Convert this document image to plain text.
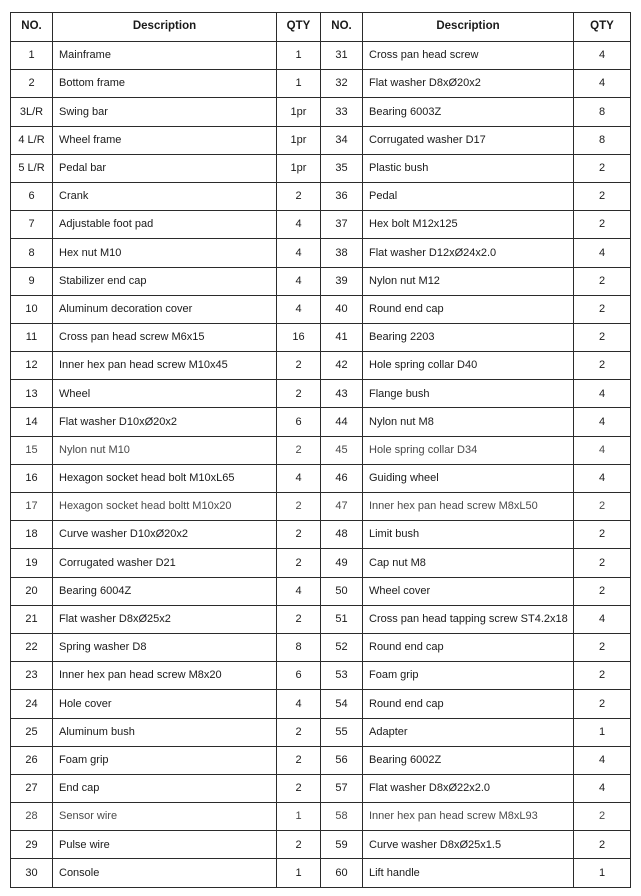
NO.	Description	QTY	NO.	Description	QTY
1	Mainframe	1	31	Cross pan head screw	4
2	Bottom frame	1	32	Flat washer D8xØ20x2	4
3L/R	Swing bar	1pr	33	Bearing 6003Z	8
4 L/R	Wheel frame	1pr	34	Corrugated washer D17	8
5 L/R	Pedal bar	1pr	35	Plastic bush	2
6	Crank	2	36	Pedal	2
7	Adjustable foot pad	4	37	Hex bolt M12x125	2
8	Hex nut M10	4	38	Flat washer D12xØ24x2.0	4
9	Stabilizer end cap	4	39	Nylon nut M12	2
10	Aluminum decoration cover	4	40	Round end cap	2
11	Cross pan head screw M6x15	16	41	Bearing 2203	2
12	Inner hex pan head screw M10x45	2	42	Hole spring collar D40	2
13	Wheel	2	43	Flange bush	4
14	Flat washer D10xØ20x2	6	44	Nylon nut M8	4
15	Nylon nut M10	2	45	Hole spring collar D34	4
16	Hexagon socket head bolt M10xL65	4	46	Guiding wheel	4
17	Hexagon socket head boltt M10x20	2	47	Inner hex pan head screw M8xL50	2
18	Curve washer D10xØ20x2	2	48	Limit bush	2
19	Corrugated washer D21	2	49	Cap nut M8	2
20	Bearing 6004Z	4	50	Wheel cover	2
21	Flat washer D8xØ25x2	2	51	Cross pan head tapping screw ST4.2x18	4
22	Spring washer D8	8	52	Round end cap	2
23	Inner hex pan head screw M8x20	6	53	Foam grip	2
24	Hole cover	4	54	Round end cap	2
25	Aluminum bush	2	55	Adapter	1
26	Foam grip	2	56	Bearing 6002Z	4
27	End cap	2	57	Flat washer D8xØ22x2.0	4
28	Sensor wire	1	58	Inner hex pan head screw M8xL93	2
29	Pulse wire	2	59	Curve washer D8xØ25x1.5	2
30	Console	1	60	Lift handle	1
